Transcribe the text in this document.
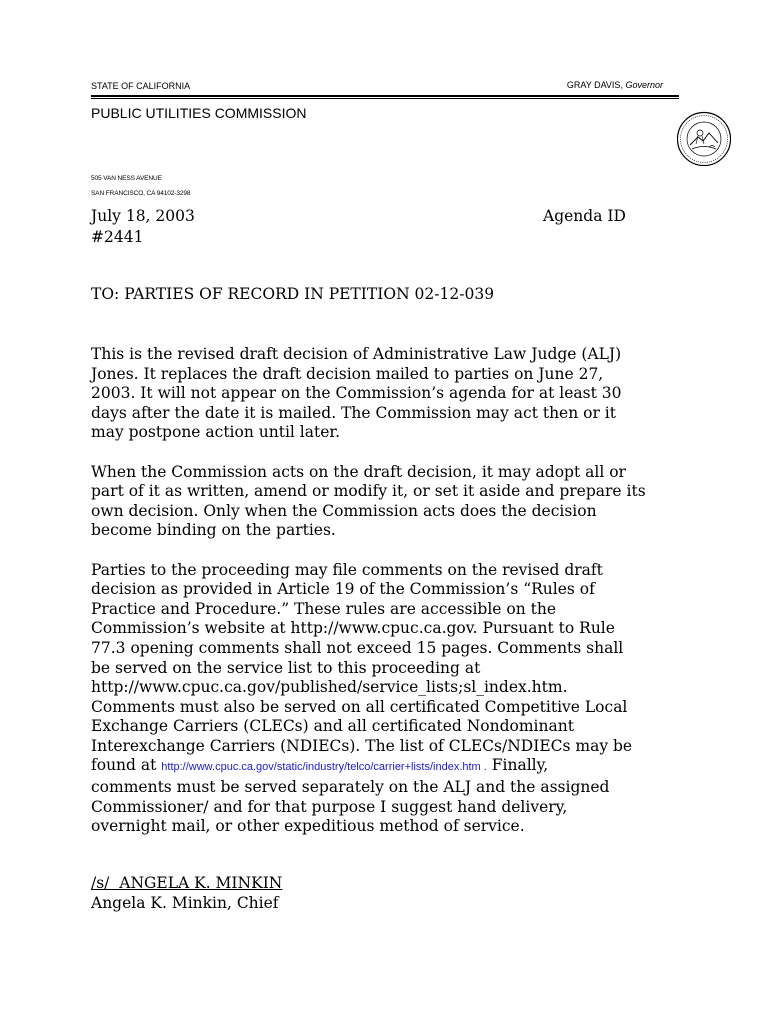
STATE OF CALIFORNIA	GRAY DAVIS, Governor
PUBLIC UTILITIES COMMISSION
505 VAN NESS AVENUE
SAN FRANCISCO, CA 94102-3298
July 18, 2003	Agenda ID
#2441
TO: PARTIES OF RECORD IN PETITION 02-12-039

This is the revised draft decision of Administrative Law Judge (ALJ)
Jones. It replaces the draft decision mailed to parties on June 27,
2003. It will not appear on the Commission’s agenda for at least 30
days after the date it is mailed. The Commission may act then or it
may postpone action until later.

When the Commission acts on the draft decision, it may adopt all or
part of it as written, amend or modify it, or set it aside and prepare its
own decision. Only when the Commission acts does the decision
become binding on the parties.

Parties to the proceeding may file comments on the revised draft
decision as provided in Article 19 of the Commission’s “Rules of
Practice and Procedure.” These rules are accessible on the
Commission’s website at http://www.cpuc.ca.gov. Pursuant to Rule
77.3 opening comments shall not exceed 15 pages. Comments shall
be served on the service list to this proceeding at
http://www.cpuc.ca.gov/published/service_lists;sl_index.htm.
Comments must also be served on all certificated Competitive Local
Exchange Carriers (CLECs) and all certificated Nondominant
Interexchange Carriers (NDIECs). The list of CLECs/NDIECs may be
found at http://www.cpuc.ca.gov/static/industry/telco/carrier+lists/index.htm . Finally,
comments must be served separately on the ALJ and the assigned
Commissioner/ and for that purpose I suggest hand delivery,
overnight mail, or other expeditious method of service.

/s/  ANGELA K. MINKIN
Angela K. Minkin, Chief
